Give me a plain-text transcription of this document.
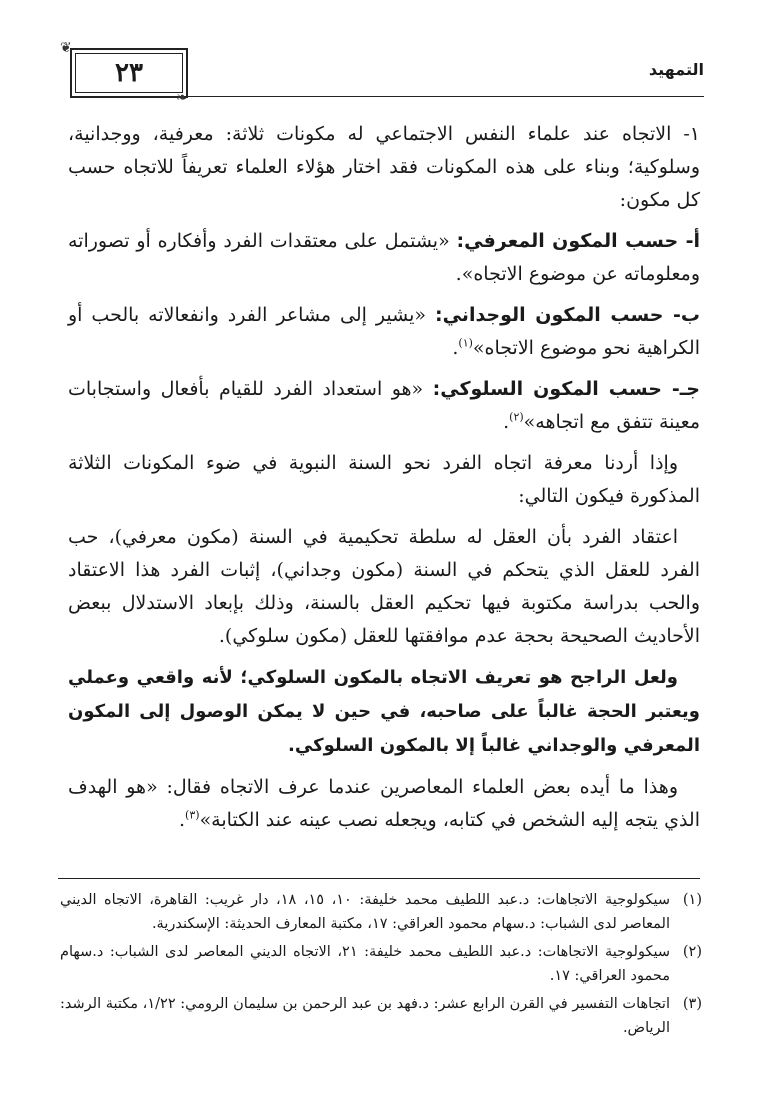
٢٣
❦
❧
التمهيد

١- الاتجاه عند علماء النفس الاجتماعي له مكونات ثلاثة: معرفية، ووجدانية، وسلوكية؛ وبناء على هذه المكونات فقد اختار هؤلاء العلماء تعريفاً للاتجاه حسب كل مكون:

أ- حسب المكون المعرفي: «يشتمل على معتقدات الفرد وأفكاره أو تصوراته ومعلوماته عن موضوع الاتجاه».

ب- حسب المكون الوجداني: «يشير إلى مشاعر الفرد وانفعالاته بالحب أو الكراهية نحو موضوع الاتجاه»$^{(١)}$.

جـ- حسب المكون السلوكي: «هو استعداد الفرد للقيام بأفعال واستجابات معينة تتفق مع اتجاهه»$^{(٢)}$.

وإذا أردنا معرفة اتجاه الفرد نحو السنة النبوية في ضوء المكونات الثلاثة المذكورة فيكون التالي:

اعتقاد الفرد بأن العقل له سلطة تحكيمية في السنة (مكون معرفي)، حب الفرد للعقل الذي يتحكم في السنة (مكون وجداني)، إثبات الفرد هذا الاعتقاد والحب بدراسة مكتوبة فيها تحكيم العقل بالسنة، وذلك بإبعاد الاستدلال ببعض الأحاديث الصحيحة بحجة عدم موافقتها للعقل (مكون سلوكي).

ولعل الراجح هو تعريف الاتجاه بالمكون السلوكي؛ لأنه واقعي وعملي ويعتبر الحجة غالباً على صاحبه، في حين لا يمكن الوصول إلى المكون المعرفي والوجداني غالباً إلا بالمكون السلوكي.

وهذا ما أيده بعض العلماء المعاصرين عندما عرف الاتجاه فقال: «هو الهدف الذي يتجه إليه الشخص في كتابه، ويجعله نصب عينه عند الكتابة»$^{(٣)}$.

(١)
سيكولوجية الاتجاهات: د.عبد اللطيف محمد خليفة: ١٠، ١٥، ١٨، دار غريب: القاهرة، الاتجاه الديني المعاصر لدى الشباب: د.سهام محمود العراقي: ١٧، مكتبة المعارف الحديثة: الإسكندرية.
(٢)
سيكولوجية الاتجاهات: د.عبد اللطيف محمد خليفة: ٢١، الاتجاه الديني المعاصر لدى الشباب: د.سهام محمود العراقي: ١٧.
(٣)
اتجاهات التفسير في القرن الرابع عشر: د.فهد بن عبد الرحمن بن سليمان الرومي: ١/٢٢، مكتبة الرشد: الرياض.
